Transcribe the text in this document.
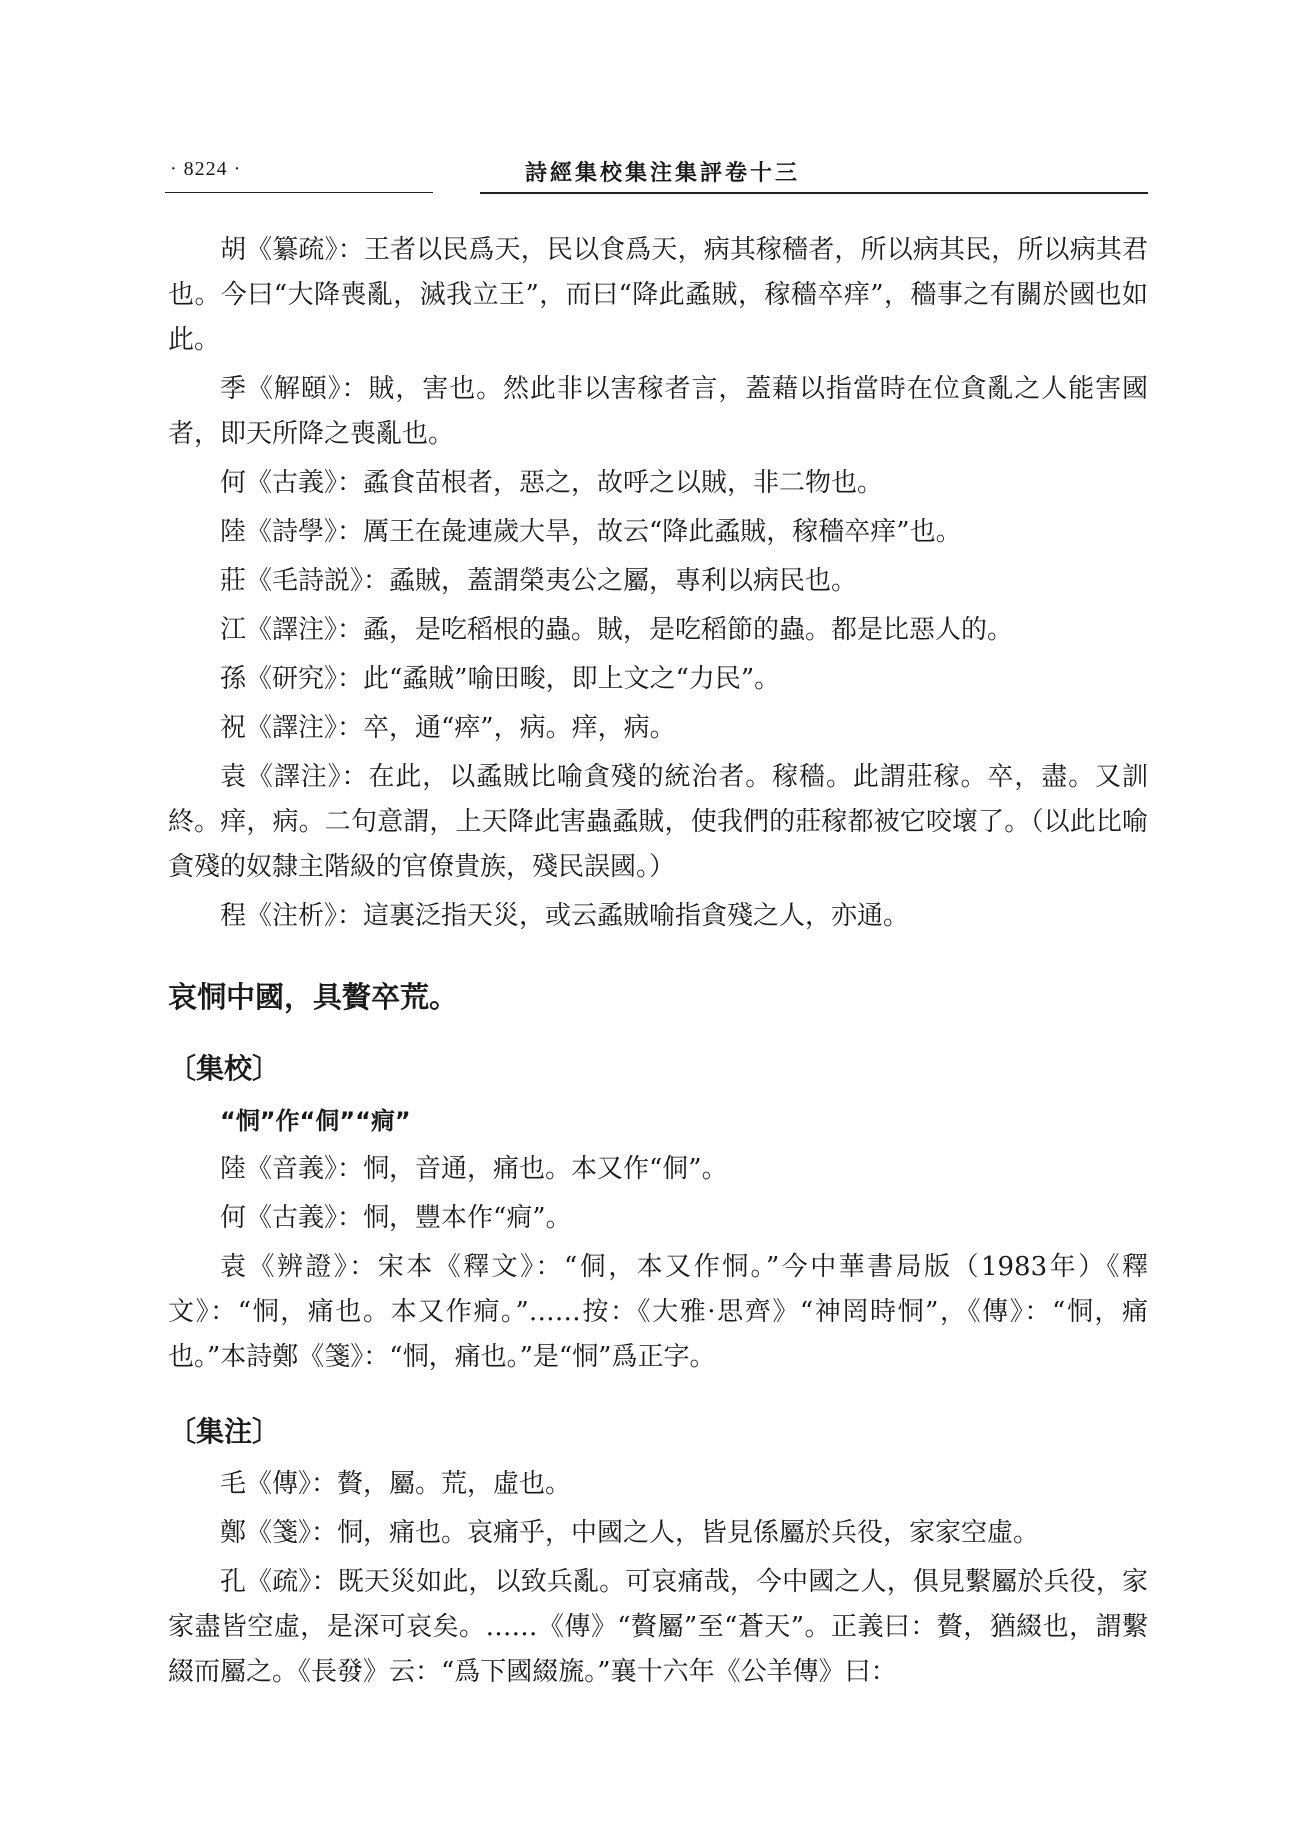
· 8224 ·	詩經集校集注集評卷十三

胡《纂疏》：王者以民爲天，民以食爲天，病其稼穡者，所以病其民，所以病其君也。今曰“大降喪亂，滅我立王”，而曰“降此蟊賊，稼穡卒痒”，穡事之有關於國也如此。

季《解頤》：賊，害也。然此非以害稼者言，蓋藉以指當時在位貪亂之人能害國者，即天所降之喪亂也。

何《古義》：蟊食苗根者，惡之，故呼之以賊，非二物也。

陸《詩學》：厲王在彘連歲大旱，故云“降此蟊賊，稼穡卒痒”也。

莊《毛詩説》：蟊賊，蓋謂榮夷公之屬，專利以病民也。

江《譯注》：蟊，是吃稻根的蟲。賊，是吃稻節的蟲。都是比惡人的。

孫《研究》：此“蟊賊”喻田畯，即上文之“力民”。

祝《譯注》：卒，通“瘁”，病。痒，病。

袁《譯注》：在此，以蟊賊比喻貪殘的統治者。稼穡。此謂莊稼。卒，盡。又訓終。痒，病。二句意謂，上天降此害蟲蟊賊，使我們的莊稼都被它咬壞了。（以此比喻貪殘的奴隸主階級的官僚貴族，殘民誤國。）

程《注析》：這裏泛指天災，或云蟊賊喻指貪殘之人，亦通。

哀恫中國，具贅卒荒。
〔集校〕

“恫”作“侗”“痌”

陸《音義》：恫，音通，痛也。本又作“侗”。

何《古義》：恫，豐本作“痌”。

袁《辨證》：宋本《釋文》：“侗，本又作恫。”今中華書局版（1983年）《釋文》：“恫，痛也。本又作痌。”……按：《大雅·思齊》“神罔時恫”，《傳》：“恫，痛也。”本詩鄭《箋》：“恫，痛也。”是“恫”爲正字。

〔集注〕

毛《傳》：贅，屬。荒，虛也。

鄭《箋》：恫，痛也。哀痛乎，中國之人，皆見係屬於兵役，家家空虛。

孔《疏》：既天災如此，以致兵亂。可哀痛哉，今中國之人，俱見繫屬於兵役，家家盡皆空虛，是深可哀矣。……《傳》“贅屬”至“蒼天”。正義曰：贅，猶綴也，謂繫綴而屬之。《長發》云：“爲下國綴旒。”襄十六年《公羊傳》曰：
